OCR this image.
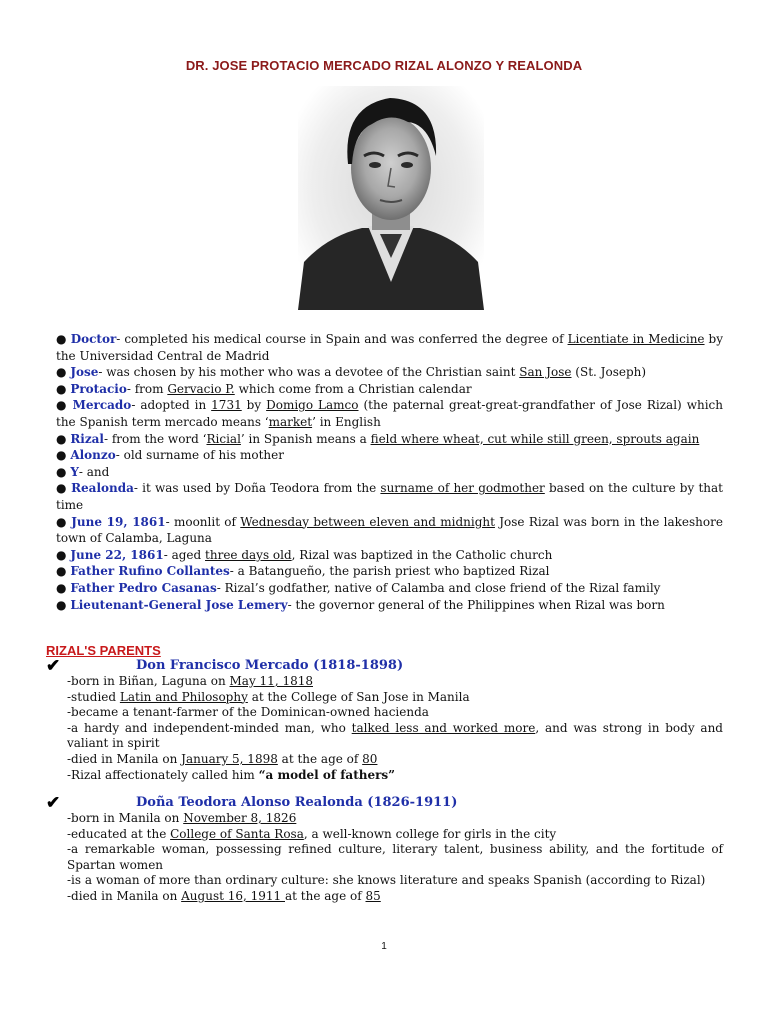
DR. JOSE PROTACIO MERCADO RIZAL ALONZO Y REALONDA

● Doctor- completed his medical course in Spain and was conferred the degree of Licentiate in Medicine by the Universidad Central de Madrid

● Jose- was chosen by his mother who was a devotee of the Christian saint San Jose (St. Joseph)

● Protacio- from Gervacio P. which come from a Christian calendar

● Mercado- adopted in 1731 by Domigo Lamco (the paternal great-great-grandfather of Jose Rizal) which the Spanish term mercado means ‘market’ in English

● Rizal- from the word ‘Ricial’ in Spanish means a field where wheat, cut while still green, sprouts again

● Alonzo- old surname of his mother

● Y- and

● Realonda- it was used by Doña Teodora from the surname of her godmother based on the culture by that time

● June 19, 1861- moonlit of Wednesday between eleven and midnight Jose Rizal was born in the lakeshore town of Calamba, Laguna

● June 22, 1861- aged three days old, Rizal was baptized in the Catholic church

● Father Rufino Collantes- a Batangueño, the parish priest who baptized Rizal

● Father Pedro Casanas- Rizal’s godfather, native of Calamba and close friend of the Rizal family

● Lieutenant-General Jose Lemery- the governor general of the Philippines when Rizal was born

RIZAL'S PARENTS
✔	Don Francisco Mercado (1818-1898)

-born in Biñan, Laguna on May 11, 1818

-studied Latin and Philosophy at the College of San Jose in Manila

-became a tenant-farmer of the Dominican-owned hacienda

-a hardy and independent-minded man, who talked less and worked more, and was strong in body and valiant in spirit

-died in Manila on January 5, 1898 at the age of 80

-Rizal affectionately called him “a model of fathers”

✔	Doña Teodora Alonso Realonda (1826-1911)

-born in Manila on November 8, 1826

-educated at the College of Santa Rosa, a well-known college for girls in the city

-a remarkable woman, possessing refined culture, literary talent, business ability, and the fortitude of Spartan women

-is a woman of more than ordinary culture: she knows literature and speaks Spanish (according to Rizal)

-died in Manila on August 16, 1911 at the age of 85

1
